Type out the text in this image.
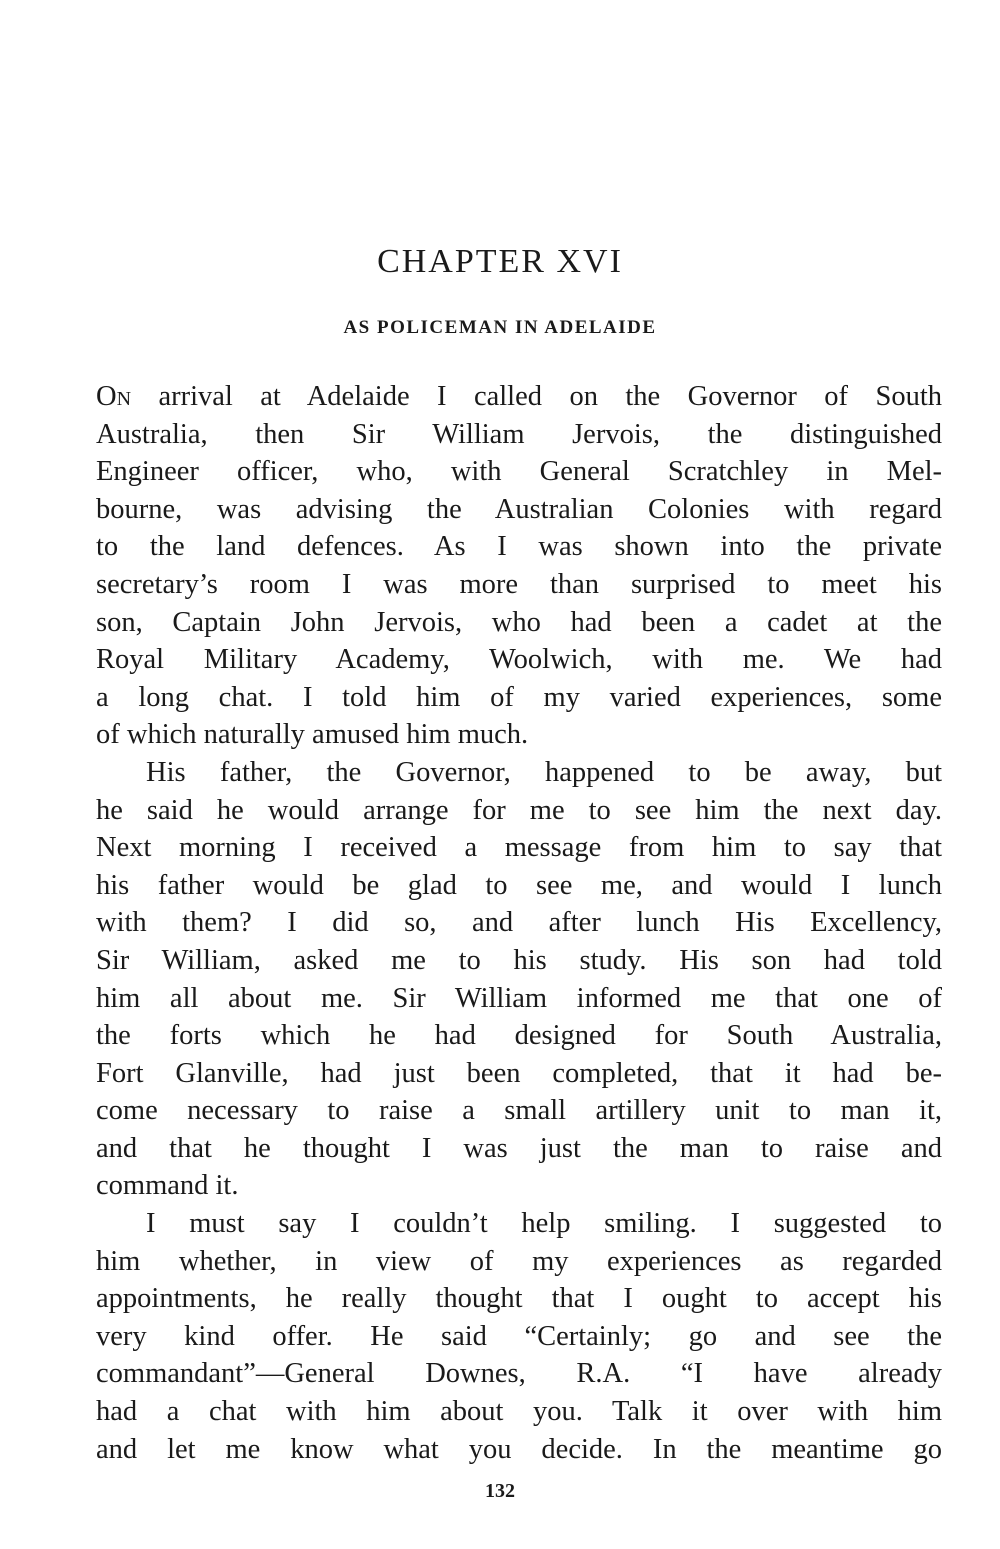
CHAPTER XVI
AS POLICEMAN IN ADELAIDE
On arrival at Adelaide I called on the Governor of South
Australia, then Sir William Jervois, the distinguished
Engineer officer, who, with General Scratchley in Mel-
bourne, was advising the Australian Colonies with regard
to the land defences. As I was shown into the private
secretary’s room I was more than surprised to meet his
son, Captain John Jervois, who had been a cadet at the
Royal Military Academy, Woolwich, with me. We had
a long chat. I told him of my varied experiences, some
of which naturally amused him much.
His father, the Governor, happened to be away, but
he said he would arrange for me to see him the next day.
Next morning I received a message from him to say that
his father would be glad to see me, and would I lunch
with them? I did so, and after lunch His Excellency,
Sir William, asked me to his study. His son had told
him all about me. Sir William informed me that one of
the forts which he had designed for South Australia,
Fort Glanville, had just been completed, that it had be-
come necessary to raise a small artillery unit to man it,
and that he thought I was just the man to raise and
command it.
I must say I couldn’t help smiling. I suggested to
him whether, in view of my experiences as regarded
appointments, he really thought that I ought to accept his
very kind offer. He said “Certainly; go and see the
commandant”—General Downes, R.A. “I have already
had a chat with him about you. Talk it over with him
and let me know what you decide. In the meantime go
132
